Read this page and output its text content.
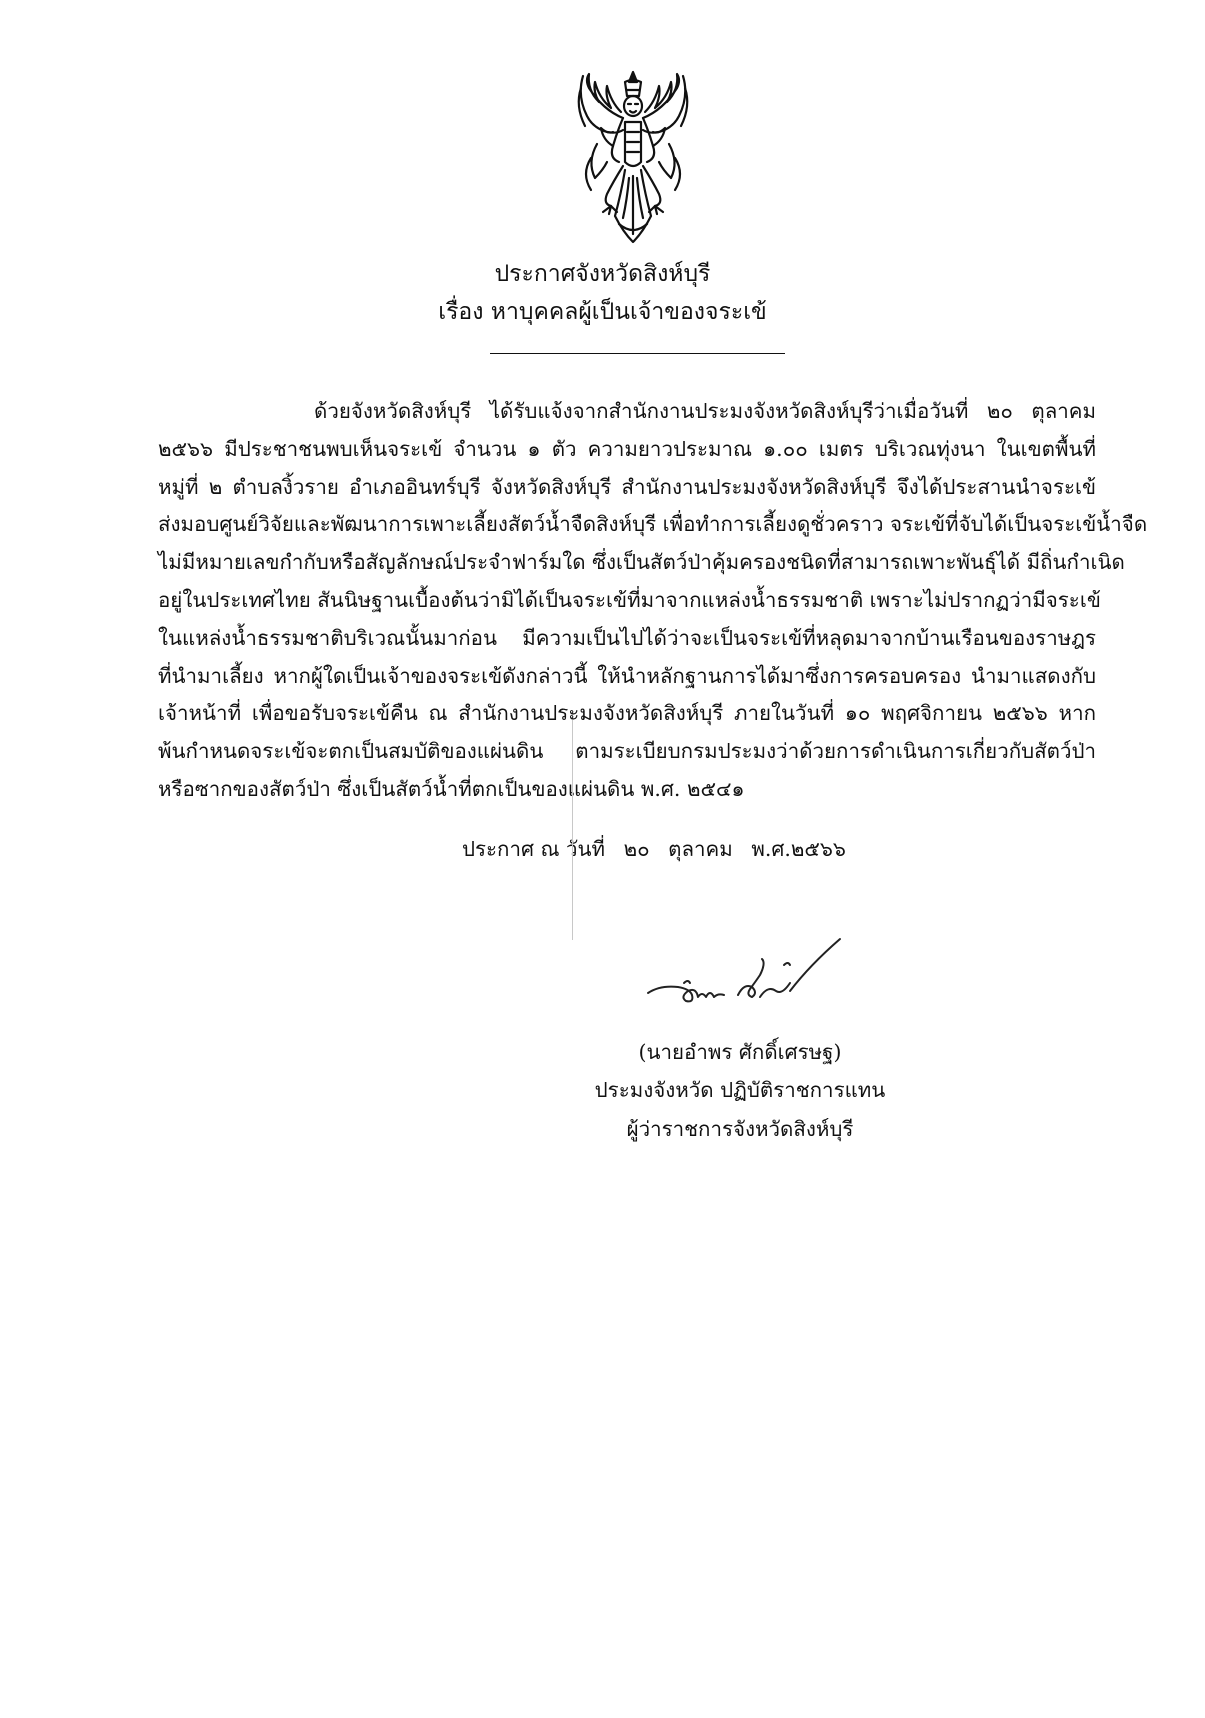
ประกาศจังหวัดสิงห์บุรี
เรื่อง หาบุคคลผู้เป็นเจ้าของจระเข้
ด้วยจังหวัดสิงห์บุรี ได้รับแจ้งจากสำนักงานประมงจังหวัดสิงห์บุรีว่าเมื่อวันที่ ๒๐ ตุลาคม
๒๕๖๖ มีประชาชนพบเห็นจระเข้ จำนวน ๑ ตัว ความยาวประมาณ ๑.๐๐ เมตร บริเวณทุ่งนา ในเขตพื้นที่
หมู่ที่ ๒ ตำบลงิ้วราย อำเภออินทร์บุรี จังหวัดสิงห์บุรี สำนักงานประมงจังหวัดสิงห์บุรี จึงได้ประสานนำจระเข้
ส่งมอบศูนย์วิจัยและพัฒนาการเพาะเลี้ยงสัตว์น้ำจืดสิงห์บุรี เพื่อทำการเลี้ยงดูชั่วคราว จระเข้ที่จับได้เป็นจระเข้น้ำจืด
ไม่มีหมายเลขกำกับหรือสัญลักษณ์ประจำฟาร์มใด ซึ่งเป็นสัตว์ป่าคุ้มครองชนิดที่สามารถเพาะพันธุ์ได้ มีถิ่นกำเนิด
อยู่ในประเทศไทย สันนิษฐานเบื้องต้นว่ามิได้เป็นจระเข้ที่มาจากแหล่งน้ำธรรมชาติ เพราะไม่ปรากฏว่ามีจระเข้
ในแหล่งน้ำธรรมชาติบริเวณนั้นมาก่อน มีความเป็นไปได้ว่าจะเป็นจระเข้ที่หลุดมาจากบ้านเรือนของราษฎร
ที่นำมาเลี้ยง หากผู้ใดเป็นเจ้าของจระเข้ดังกล่าวนี้ ให้นำหลักฐานการได้มาซึ่งการครอบครอง นำมาแสดงกับ
เจ้าหน้าที่ เพื่อขอรับจระเข้คืน ณ สำนักงานประมงจังหวัดสิงห์บุรี ภายในวันที่ ๑๐ พฤศจิกายน ๒๕๖๖ หาก
พ้นกำหนดจระเข้จะตกเป็นสมบัติของแผ่นดิน ตามระเบียบกรมประมงว่าด้วยการดำเนินการเกี่ยวกับสัตว์ป่า
หรือซากของสัตว์ป่า ซึ่งเป็นสัตว์น้ำที่ตกเป็นของแผ่นดิน พ.ศ. ๒๕๔๑
ประกาศ ณ วันที่ ๒๐ ตุลาคม พ.ศ.๒๕๖๖
(นายอำพร ศักดิ์เศรษฐ)
ประมงจังหวัด ปฏิบัติราชการแทน
ผู้ว่าราชการจังหวัดสิงห์บุรี
